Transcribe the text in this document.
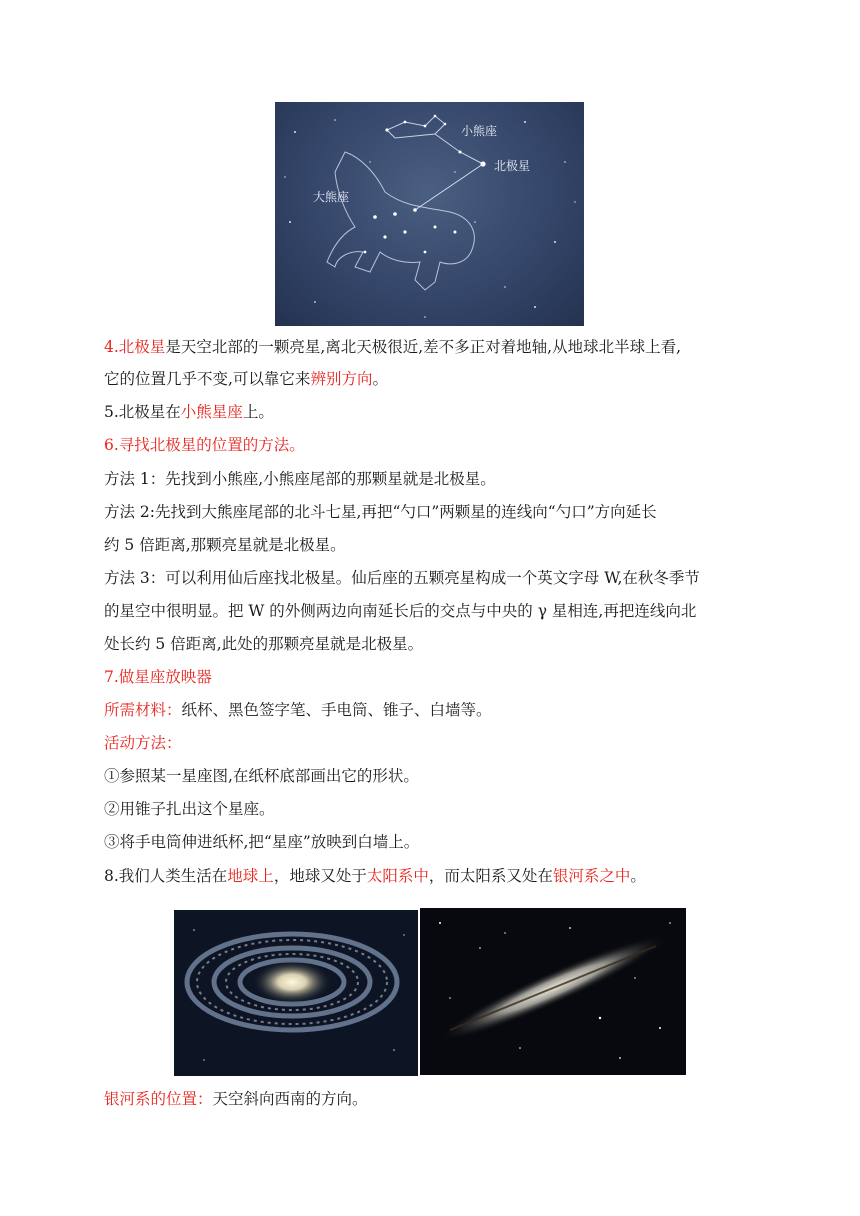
小熊座
北极星
大熊座
4.北极星是天空北部的一颗亮星,离北天极很近,差不多正对着地轴,从地球北半球上看,
它的位置几乎不变,可以靠它来辨别方向。
5.北极星在小熊星座上。
6.寻找北极星的位置的方法。
方法 1：先找到小熊座,小熊座尾部的那颗星就是北极星。
方法 2:先找到大熊座尾部的北斗七星,再把“勺口”两颗星的连线向“勺口”方向延长
约 5 倍距离,那颗亮星就是北极星。
方法 3：可以利用仙后座找北极星。仙后座的五颗亮星构成一个英文字母 W,在秋冬季节
的星空中很明显。把 W 的外侧两边向南延长后的交点与中央的 γ 星相连,再把连线向北
处长约 5 倍距离,此处的那颗亮星就是北极星。
7.做星座放映器
所需材料：纸杯、黑色签字笔、手电筒、锥子、白墙等。
活动方法：
①参照某一星座图,在纸杯底部画出它的形状。
②用锥子扎出这个星座。
③将手电筒伸进纸杯,把“星座”放映到白墙上。
8.我们人类生活在地球上，地球又处于太阳系中，而太阳系又处在银河系之中。
银河系的位置：天空斜向西南的方向。
